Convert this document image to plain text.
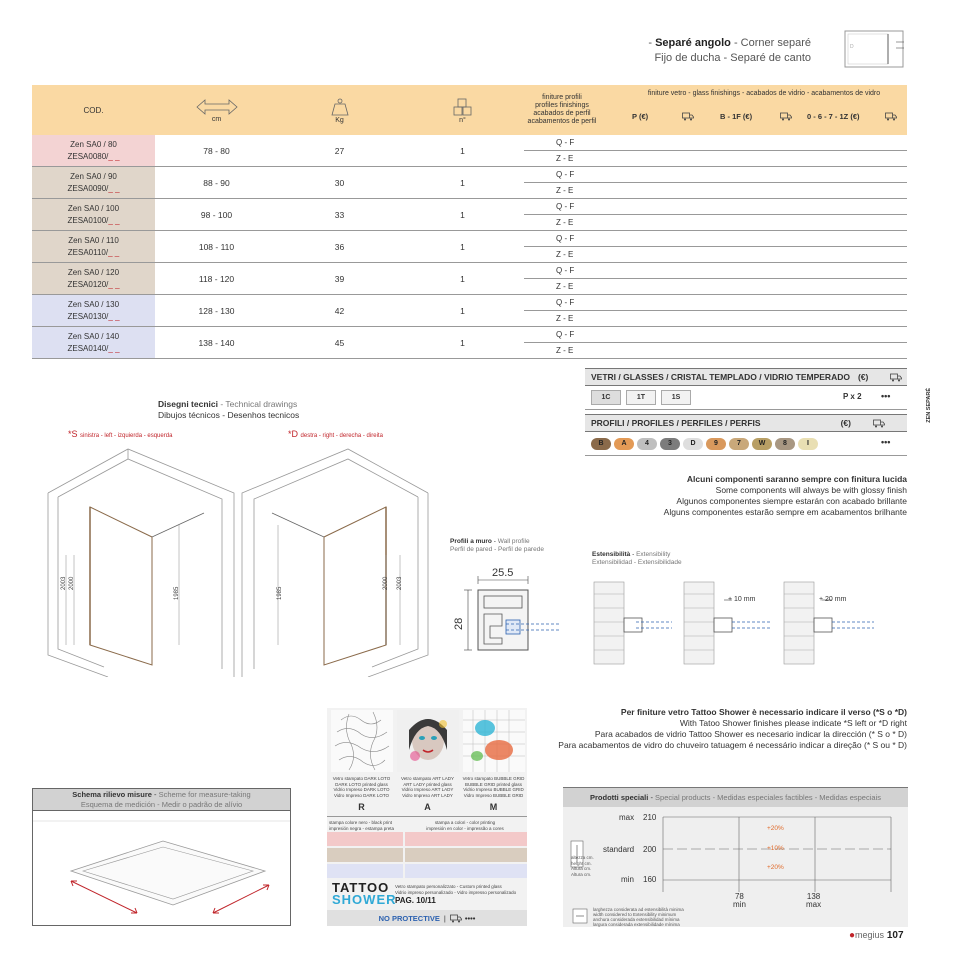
- Separé angolo - Corner separé
Fijo de ducha - Separé de canto
D
ZEN SEPARÉ
COD.
cm	Kg	n°
finiture profili
profiles finishings
acabados de perfil
acabamentos de perfil
finiture vetro - glass finishings - acabados de vidrio - acabamentos de vidro
P (€)	B - 1F (€)	0 - 6 - 7 - 1Z (€)
Zen SA0 / 80
ZESA0080/_ _
78 - 80	27	1
Q - F
Z - E
Zen SA0 / 90
ZESA0090/_ _
88 - 90	30	1
Q - F
Z - E
Zen SA0 / 100
ZESA0100/_ _
98 - 100	33	1
Q - F
Z - E
Zen SA0 / 110
ZESA0110/_ _
108 - 110	36	1
Q - F
Z - E
Zen SA0 / 120
ZESA0120/_ _
118 - 120	39	1
Q - F
Z - E
Zen SA0 / 130
ZESA0130/_ _
128 - 130	42	1
Q - F
Z - E
Zen SA0 / 140
ZESA0140/_ _
138 - 140	45	1
Q - F
Z - E
VETRI / GLASSES / CRISTAL TEMPLADO / VIDRIO TEMPERADO (€)
1C	1T	1S	P x 2 •••
PROFILI / PROFILES / PERFILES / PERFIS	(€)
B	A	4	3	D	9	7	W	8	I	•••
Alcuni componenti saranno sempre con finitura lucida
Some components will always be with glossy finish
Algunos componentes siempre estarán con acabado brillante
Alguns componentes estarão sempre em acabamentos brilhante
Disegni tecnici - Technical drawings
Dibujos técnicos - Desenhos tecnicos
*S sinistra - left - izquierda - esquerda	*D destra - right - derecha - direita
2003 2000
1985	1985
2000 2003
Profili a muro - Wall profile
Perfil de pared - Perfil de parede
25.5
28
Estensibilità - Extensibility
Extensibilidad - Extensibilidade
+ 10 mm	+ 20 mm
Per finiture vetro Tattoo Shower è necessario indicare il verso (*S o *D)
With Tatoo Shower finishes please indicate *S left or *D right
Para acabados de vidrio Tattoo Shower es necesario indicar la dirección (* S o * D)
Para acabamentos de vidro do chuveiro tatuagem é necessário indicar a direção (* S ou * D)
Vetro stampato DARK LOTO
DARK LOTO printed glass
Vidrio Impreso DARK LOTO
Vidro Impreso DARK LOTO
R
Vetro stampato ART LADY
ART LADY printed glass
Vidrio Impreso ART LADY
Vidro Impreso ART LADY
A
Vetro stampato BUBBLE GRID
BUBBLE GRID printed glass
Vidrio Impreso BUBBLE GRID
Vidro Impreso BUBBLE GRID
M
stampa colore nero - black print
impresión negra - estampa preta
stampa a colori - color printing
impresión en color - impressão a cores
TATTOO
SHOWER
Vetro stampato personalizzato - Custom printed glass
Vidrio impreso personalizado - Vidro impresso personalizado
PAG. 10/11
NO PROTECTIVE |	••••
Prodotti speciali - Special products - Medidas especiales factibles - Medidas especiais
max 210
standard 200
min 160
+20%
+10%
+20%
altezza cm.
height cm.
Altura cm.
Altura cm.
larghezza considerata ad estensibilità minima
width considered to Extensibility minimum
anchura considerada extensibilidad mínima
largura considerada extensibilidade mínima
78
min
138
max
Schema rilievo misure - Scheme for measure-taking
Esquema de medición - Medir o padrão de alívio
●megius 107
